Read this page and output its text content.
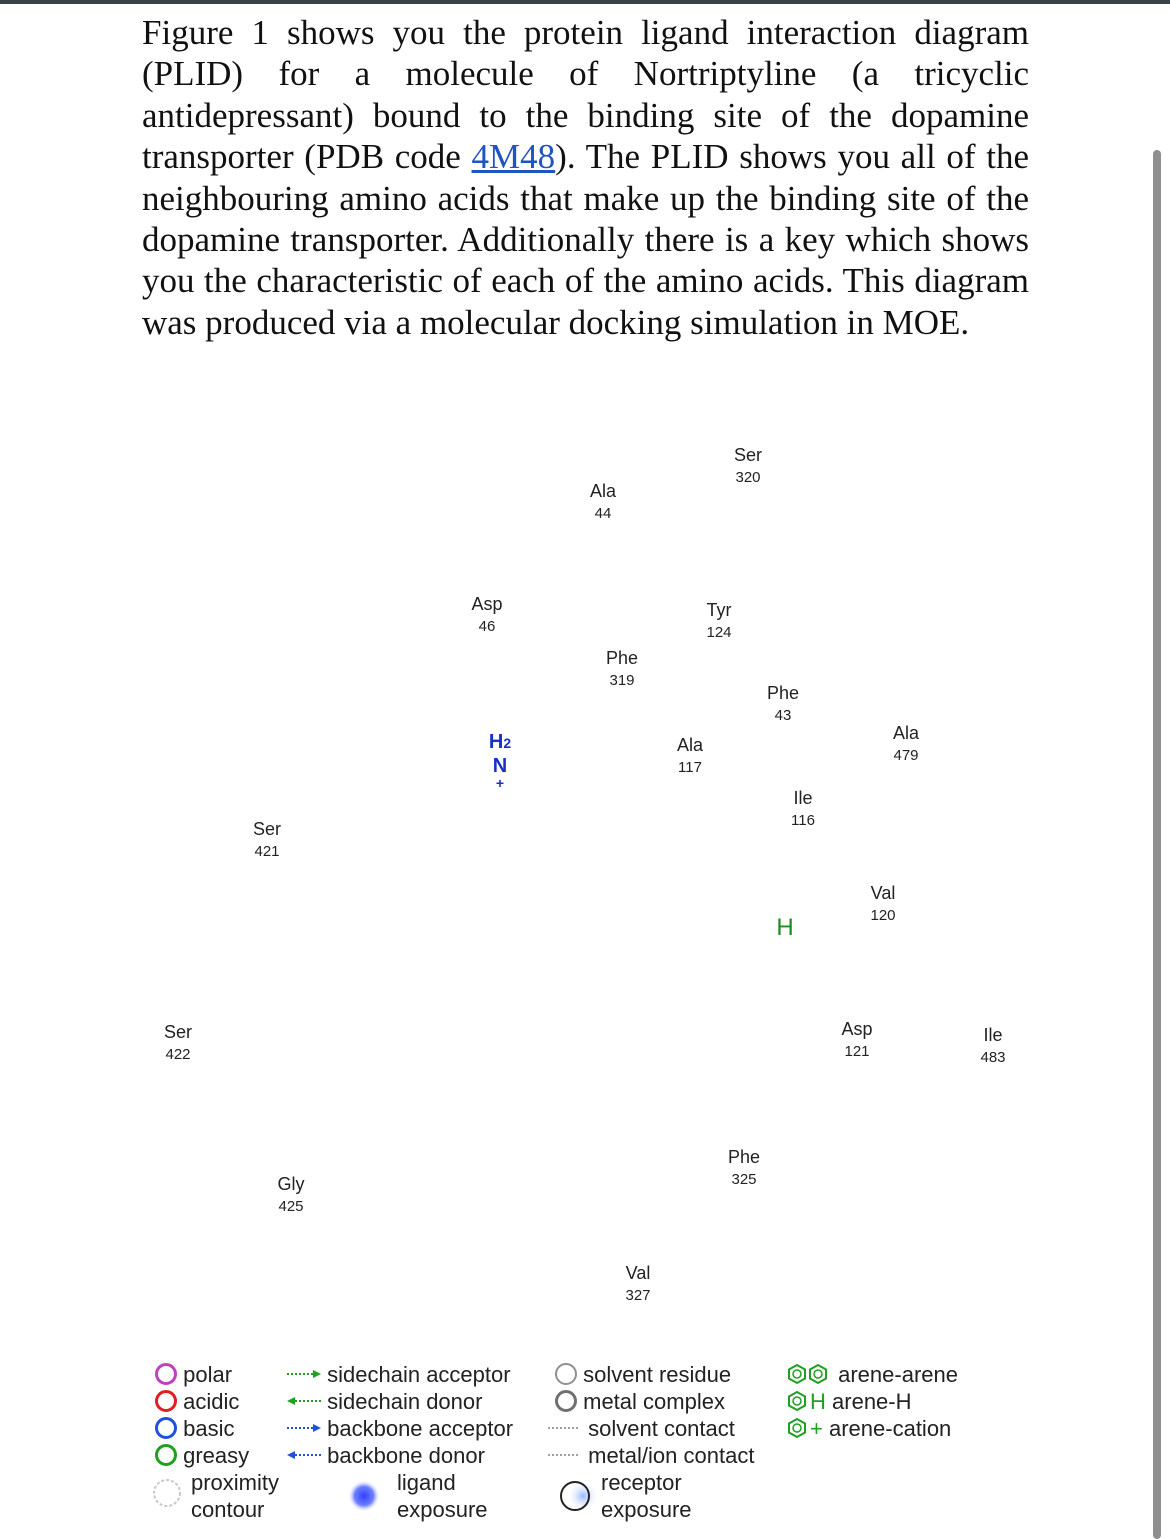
Figure 1 shows you the protein ligand interaction diagram (PLID) for a molecule of Nortriptyline (a tricyclic antidepressant) bound to the binding site of the dopamine transporter (PDB code 4M48). The PLID shows you all of the neighbouring amino acids that make up the binding site of the dopamine transporter. Additionally there is a key which shows you the characteristic of each of the amino acids. This diagram was produced via a molecular docking simulation in MOE.

Ser
320
Ala
44
Asp
46
Tyr
124
Phe
319
Phe
43
Ala
117
Ala
479
Ile
116
Ser
421
Val
120
Ser
422
Asp
121
Ile
483
Phe
325
Gly
425
Val
327
H2
N
+
H
polar
acidic
basic
greasy
proximity
contour
sidechain acceptor
sidechain donor
backbone acceptor
backbone donor
ligand
exposure
solvent residue
metal complex
solvent contact
metal/ion contact
receptor
exposure
arene-arene
H arene-H
+ arene-cation
